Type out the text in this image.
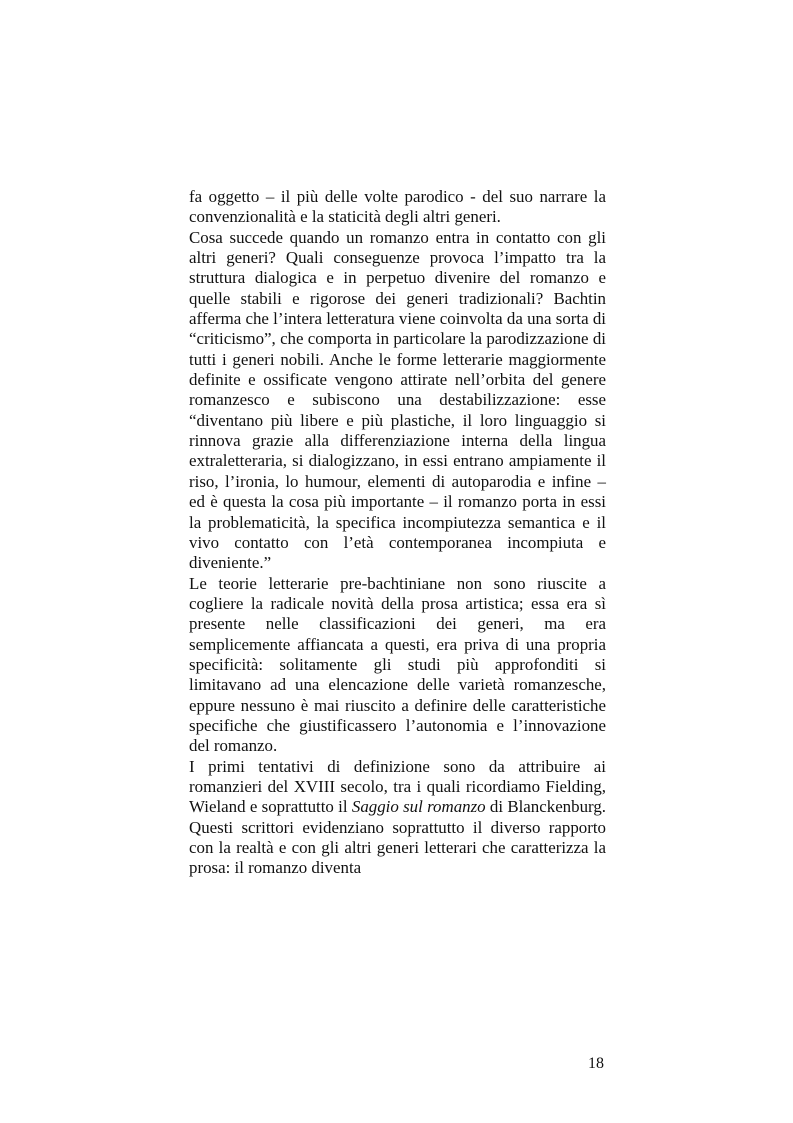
fa oggetto – il più delle volte parodico - del suo narrare la convenzionalità e la staticità degli altri generi.

Cosa succede quando un romanzo entra in contatto con gli altri generi? Quali conseguenze provoca l’impatto tra la struttura dialogica e in perpetuo divenire del romanzo e quelle stabili e rigorose dei generi tradizionali? Bachtin afferma che l’intera letteratura viene coinvolta da una sorta di “criticismo”, che comporta in particolare la parodizzazione di tutti i generi nobili. Anche le forme letterarie maggiormente definite e ossificate vengono attirate nell’orbita del genere romanzesco e subiscono una destabilizzazione: esse “diventano più libere e più plastiche, il loro linguaggio si rinnova grazie alla differenziazione interna della lingua extraletteraria, si dialogizzano, in essi entrano ampiamente il riso, l’ironia, lo humour, elementi di autoparodia e infine – ed è questa la cosa più importante – il romanzo porta in essi la problematicità, la specifica incompiutezza semantica e il vivo contatto con l’età contemporanea incompiuta e diveniente.”

Le teorie letterarie pre-bachtiniane non sono riuscite a cogliere la radicale novità della prosa artistica; essa era sì presente nelle classificazioni dei generi, ma era semplicemente affiancata a questi, era priva di una propria specificità: solitamente gli studi più approfonditi si limitavano ad una elencazione delle varietà romanzesche, eppure nessuno è mai riuscito a definire delle caratteristiche specifiche che giustificassero l’autonomia e l’innovazione del romanzo.

I primi tentativi di definizione sono da attribuire ai romanzieri del XVIII secolo, tra i quali ricordiamo Fielding, Wieland e soprattutto il Saggio sul romanzo di Blanckenburg. Questi scrittori evidenziano soprattutto il diverso rapporto con la realtà e con gli altri generi letterari che caratterizza la prosa: il romanzo diventa

18
